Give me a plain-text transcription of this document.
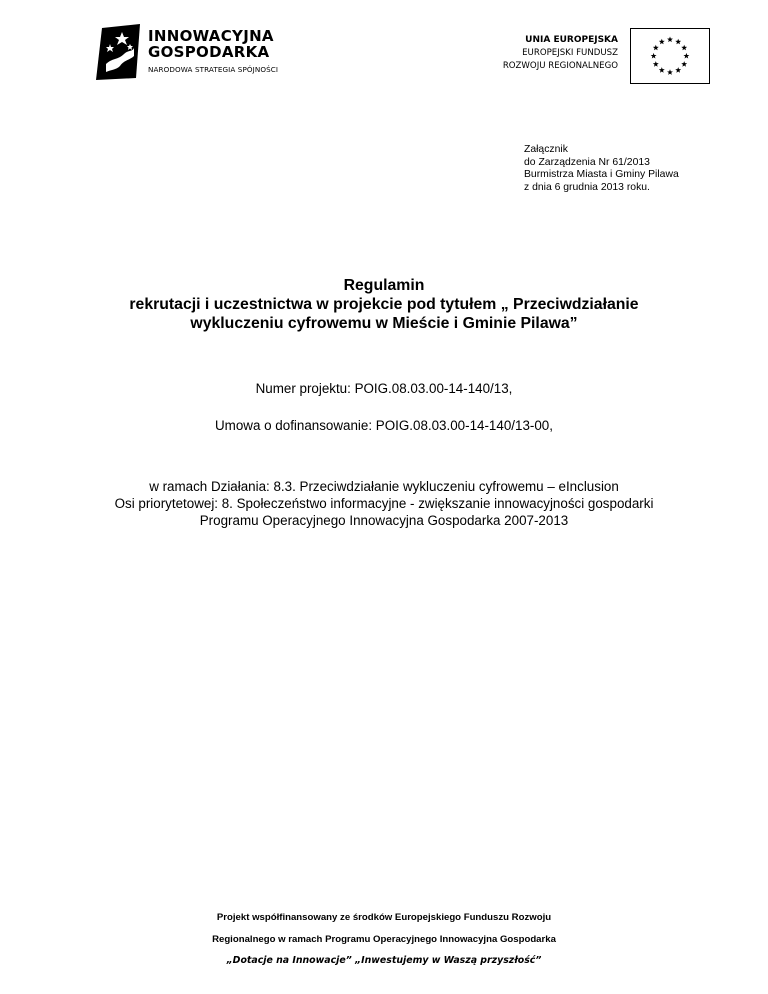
INNOWACYJNA
GOSPODARKA
NARODOWA STRATEGIA SPÓJNOŚCI
UNIA EUROPEJSKA
EUROPEJSKI FUNDUSZ
ROZWOJU REGIONALNEGO
Załącznik
do Zarządzenia Nr 61/2013
Burmistrza Miasta i Gminy Pilawa
z dnia 6 grudnia 2013 roku.
Regulamin
rekrutacji i uczestnictwa w projekcie pod tytułem „ Przeciwdziałanie
wykluczeniu cyfrowemu w Mieście i Gminie Pilawa”
Numer projektu: POIG.08.03.00-14-140/13,
Umowa o dofinansowanie: POIG.08.03.00-14-140/13-00,
w ramach Działania: 8.3. Przeciwdziałanie wykluczeniu cyfrowemu – eInclusion
Osi priorytetowej: 8. Społeczeństwo informacyjne - zwiększanie innowacyjności gospodarki
Programu Operacyjnego Innowacyjna Gospodarka 2007-2013
Projekt współfinansowany ze środków Europejskiego Funduszu Rozwoju
Regionalnego w ramach Programu Operacyjnego Innowacyjna Gospodarka
„Dotacje na Innowacje” „Inwestujemy w Waszą przyszłość”
